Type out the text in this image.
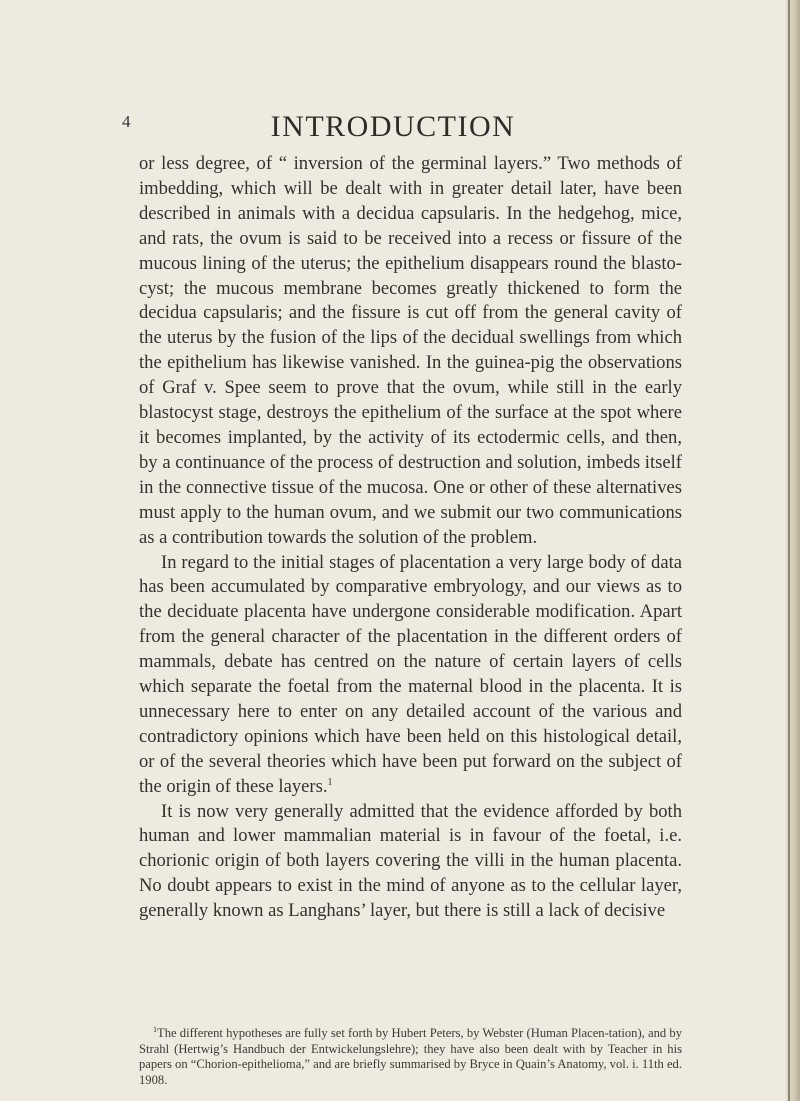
INTRODUCTION
4

or less degree, of “ inversion of the germinal layers.” Two methods of imbedding, which will be dealt with in greater detail later, have been described in animals with a decidua capsularis. In the hedgehog, mice, and rats, the ovum is said to be received into a recess or fissure of the mucous lining of the uterus; the epithelium disappears round the blasto-cyst; the mucous membrane becomes greatly thickened to form the decidua capsularis; and the fissure is cut off from the general cavity of the uterus by the fusion of the lips of the decidual swellings from which the epithelium has likewise vanished. In the guinea-pig the observations of Graf v. Spee seem to prove that the ovum, while still in the early blastocyst stage, destroys the epithelium of the surface at the spot where it becomes implanted, by the activity of its ectodermic cells, and then, by a continuance of the process of destruction and solution, imbeds itself in the connective tissue of the mucosa. One or other of these alternatives must apply to the human ovum, and we submit our two communications as a contribution towards the solution of the problem.

In regard to the initial stages of placentation a very large body of data has been accumulated by comparative embryology, and our views as to the deciduate placenta have undergone considerable modification. Apart from the general character of the placentation in the different orders of mammals, debate has centred on the nature of certain layers of cells which separate the foetal from the maternal blood in the placenta. It is unnecessary here to enter on any detailed account of the various and contradictory opinions which have been held on this histological detail, or of the several theories which have been put forward on the subject of the origin of these layers.$^1$

It is now very generally admitted that the evidence afforded by both human and lower mammalian material is in favour of the foetal, i.e. chorionic origin of both layers covering the villi in the human placenta. No doubt appears to exist in the mind of anyone as to the cellular layer, generally known as Langhans’ layer, but there is still a lack of decisive

$^1$The different hypotheses are fully set forth by Hubert Peters, by Webster (Human Placen-tation), and by Strahl (Hertwig’s Handbuch der Entwickelungslehre); they have also been dealt with by Teacher in his papers on “Chorion-epithelioma,” and are briefly summarised by Bryce in Quain’s Anatomy, vol. i. 11th ed. 1908.
